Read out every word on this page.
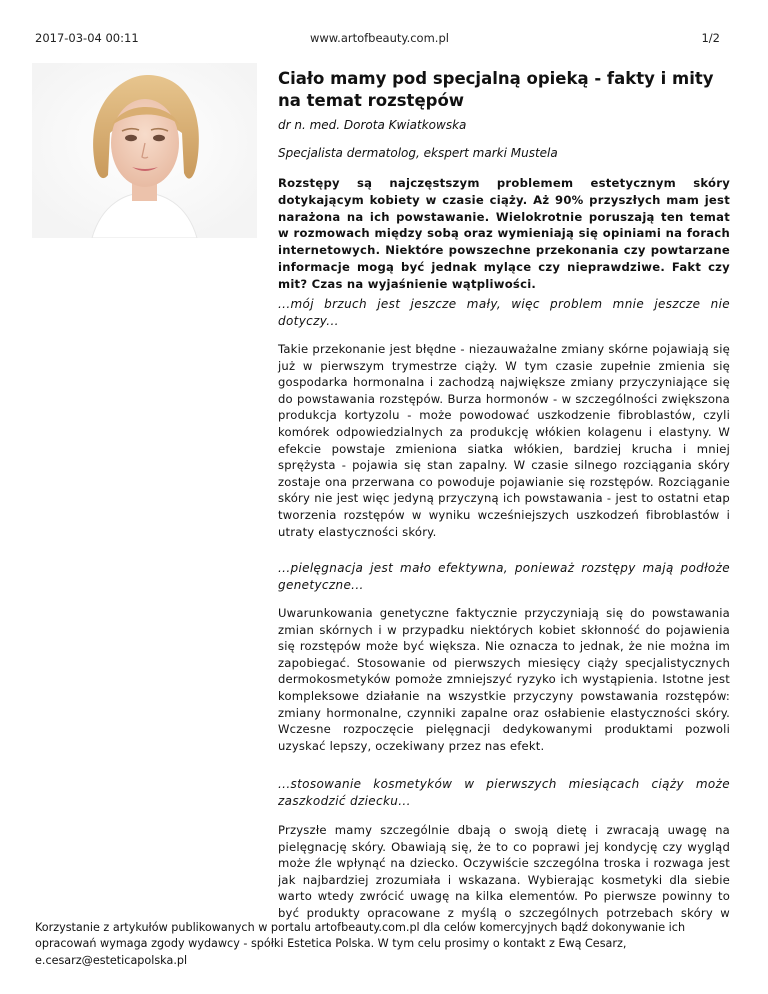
2017-03-04 00:11	www.artofbeauty.com.pl	1/2
Ciało mamy pod specjalną opieką - fakty i mity na temat rozstępów
dr n. med. Dorota Kwiatkowska
Specjalista dermatolog, ekspert marki Mustela
Rozstępy są najczęstszym problemem estetycznym skóry dotykającym kobiety w czasie ciąży. Aż 90% przyszłych mam jest narażona na ich powstawanie. Wielokrotnie poruszają ten temat w rozmowach między sobą oraz wymieniają się opiniami na forach internetowych. Niektóre powszechne przekonania czy powtarzane informacje mogą być jednak mylące czy nieprawdziwe. Fakt czy mit? Czas na wyjaśnienie wątpliwości.
...mój brzuch jest jeszcze mały, więc problem mnie jeszcze nie dotyczy...
Takie przekonanie jest błędne - niezauważalne zmiany skórne pojawiają się już w pierwszym trymestrze ciąży. W tym czasie zupełnie zmienia się gospodarka hormonalna i zachodzą największe zmiany przyczyniające się do powstawania rozstępów. Burza hormonów - w szczególności zwiększona produkcja kortyzolu - może powodować uszkodzenie fibroblastów, czyli komórek odpowiedzialnych za produkcję włókien kolagenu i elastyny. W efekcie powstaje zmieniona siatka włókien, bardziej krucha i mniej sprężysta - pojawia się stan zapalny. W czasie silnego rozciągania skóry zostaje ona przerwana co powoduje pojawianie się rozstępów. Rozciąganie skóry nie jest więc jedyną przyczyną ich powstawania - jest to ostatni etap tworzenia rozstępów w wyniku wcześniejszych uszkodzeń fibroblastów i utraty elastyczności skóry.
...pielęgnacja jest mało efektywna, ponieważ rozstępy mają podłoże genetyczne...
Uwarunkowania genetyczne faktycznie przyczyniają się do powstawania zmian skórnych i w przypadku niektórych kobiet skłonność do pojawienia się rozstępów może być większa. Nie oznacza to jednak, że nie można im zapobiegać. Stosowanie od pierwszych miesięcy ciąży specjalistycznych dermokosmetyków pomoże zmniejszyć ryzyko ich wystąpienia. Istotne jest kompleksowe działanie na wszystkie przyczyny powstawania rozstępów: zmiany hormonalne, czynniki zapalne oraz osłabienie elastyczności skóry. Wczesne rozpoczęcie pielęgnacji dedykowanymi produktami pozwoli uzyskać lepszy, oczekiwany przez nas efekt.
...stosowanie kosmetyków w pierwszych miesiącach ciąży może zaszkodzić dziecku...
Przyszłe mamy szczególnie dbają o swoją dietę i zwracają uwagę na pielęgnację skóry. Obawiają się, że to co poprawi jej kondycję czy wygląd może źle wpłynąć na dziecko. Oczywiście szczególna troska i rozwaga jest jak najbardziej zrozumiała i wskazana. Wybierając kosmetyki dla siebie warto wtedy zwrócić uwagę na kilka elementów. Po pierwsze powinny to być produkty opracowane z myślą o szczególnych potrzebach skóry w
Korzystanie z artykułów publikowanych w portalu artofbeauty.com.pl dla celów komercyjnych bądź dokonywanie ich opracowań wymaga zgody wydawcy - spółki Estetica Polska. W tym celu prosimy o kontakt z Ewą Cesarz, e.cesarz@esteticapolska.pl
